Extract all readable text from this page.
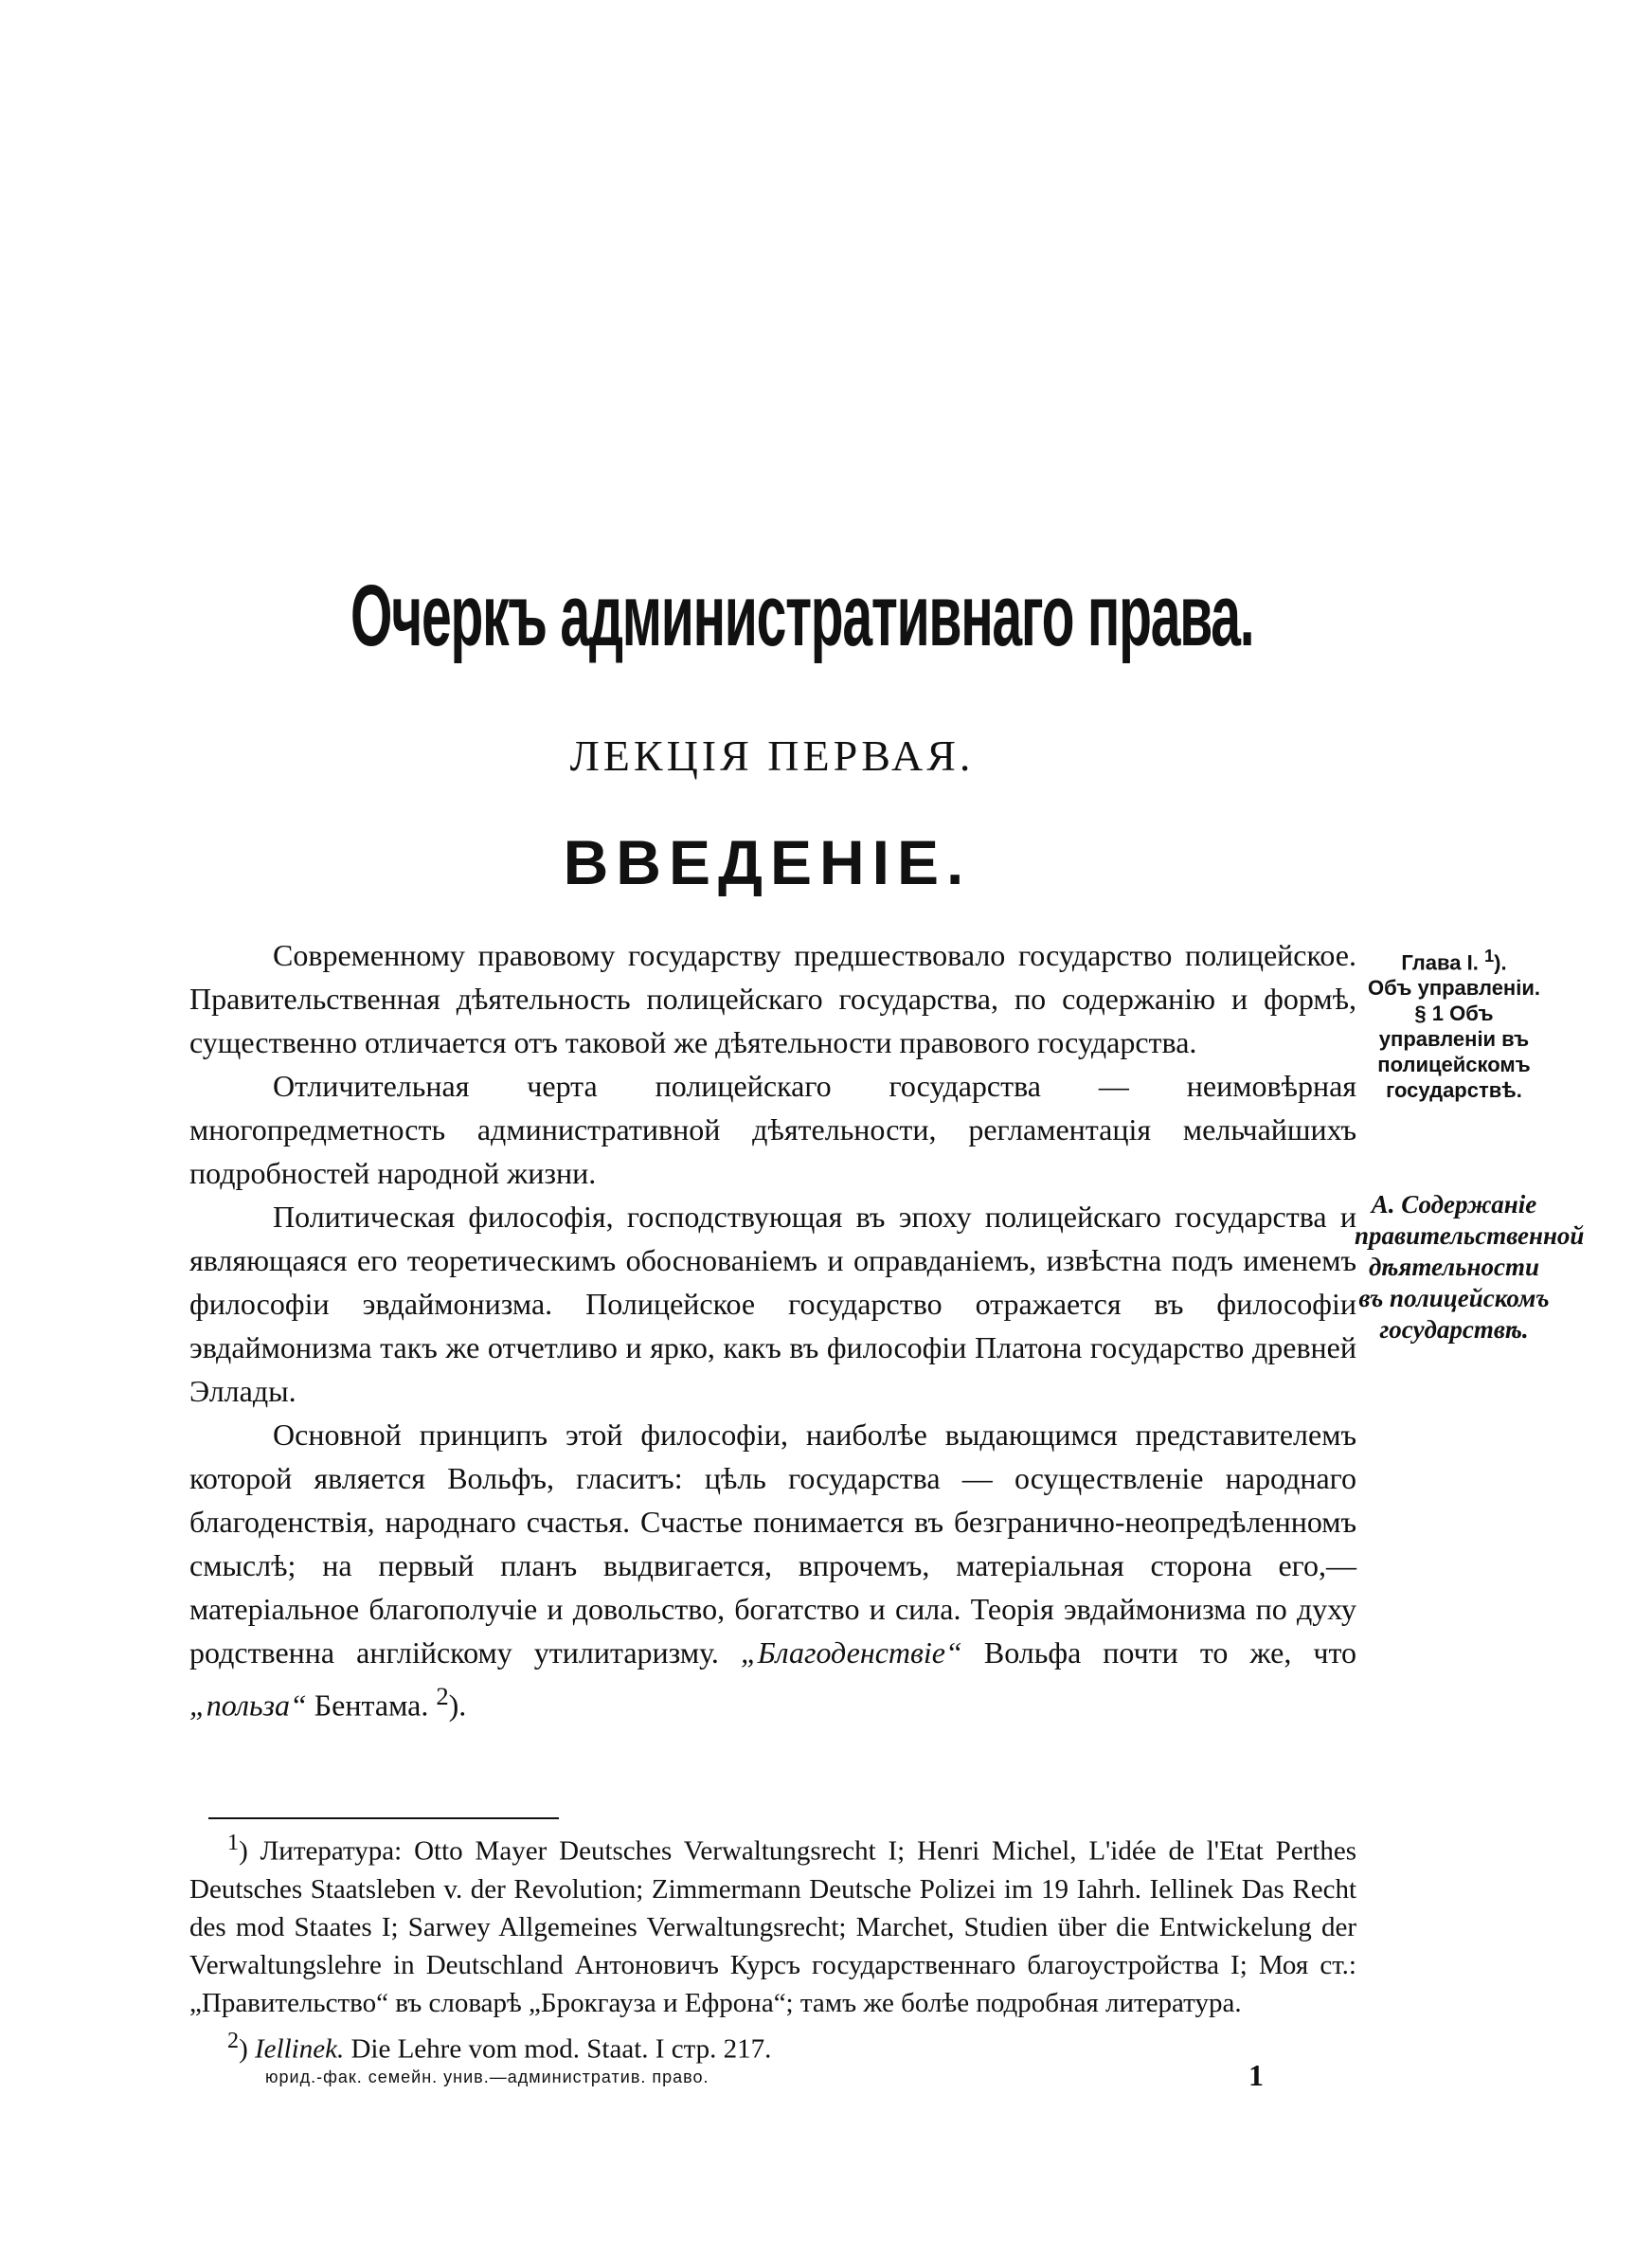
Очеркъ административнаго права.
ЛЕКЦІЯ ПЕРВАЯ.
ВВЕДЕНІЕ.

Современному правовому государству предшествовало государство полицейское. Правительственная дѣятельность полицейскаго государства, по содержанію и формѣ, существенно отличается отъ таковой же дѣятельности правового государства.

Отличительная черта полицейскаго государства — неимовѣрная многопредметность административной дѣятельности, регламентація мельчайшихъ подробностей народной жизни.

Политическая философія, господствующая въ эпоху полицейскаго государства и являющаяся его теоретическимъ обоснованіемъ и оправданіемъ, извѣстна подъ именемъ философіи эвдаймонизма. Полицейское государство отражается въ философіи эвдаймонизма такъ же отчетливо и ярко, какъ въ философіи Платона государство древней Эллады.

Основной принципъ этой философіи, наиболѣе выдающимся представителемъ которой является Вольфъ, гласитъ: цѣль государства — осуществленіе народнаго благоденствія, народнаго счастья. Счастье понимается въ безгранично-неопредѣленномъ смыслѣ; на первый планъ выдвигается, впрочемъ, матеріальная сторона его,—матеріальное благополучіе и довольство, богатство и сила. Теорія эвдаймонизма по духу родственна англійскому утилитаризму. „Благоденствіе“ Вольфа почти то же, что „польза“ Бентама. $^2$).

Глава I. $^1$).
Объ управленіи.
§ 1 Объ управленіи въ полицейскомъ государствѣ.
А. Содержаніе правительственной дѣятельности въ полицейскомъ государствѣ.

$^1$) Литература: Otto Mayer Deutsches Verwaltungsrecht I; Henri Michel, L'idée de l'Etat Perthes Deutsches Staatsleben v. der Revolution; Zimmermann Deutsche Polizei im 19 Iahrh. Iellinek Das Recht des mod Staates I; Sarwey Allgemeines Verwaltungsrecht; Marchet, Studien über die Entwickelung der Verwaltungslehre in Deutschland Антоновичъ Курсъ государственнаго благоустройства I; Моя ст.: „Правительство“ въ словарѣ „Брокгауза и Ефрона“; тамъ же болѣе подробная литература.

$^2$) Iellinek. Die Lehre vom mod. Staat. I стр. 217.

юрид.-фак. семейн. унив.—административ. право.	1
